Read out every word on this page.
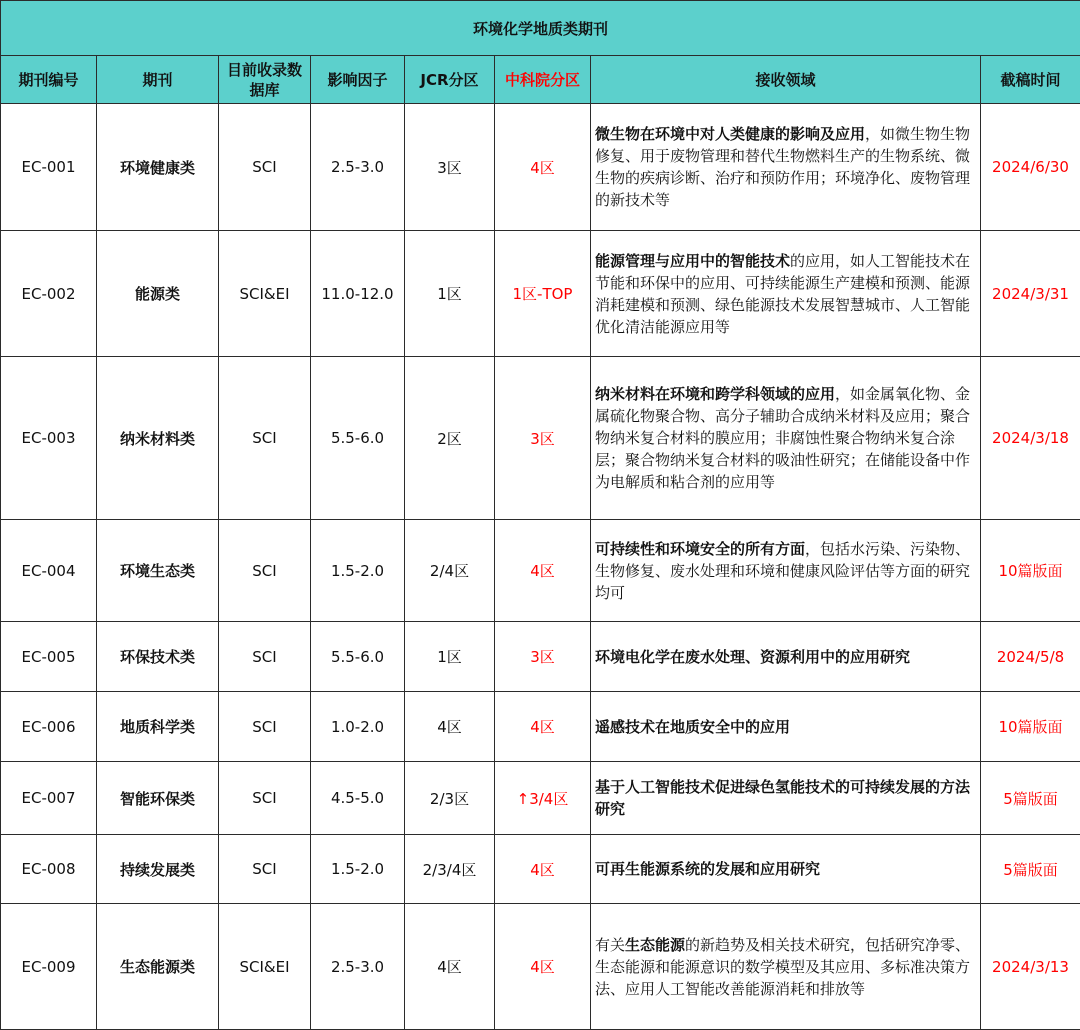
环境化学地质类期刊							
期刊编号	期刊	目前收录数据库	影响因子	JCR分区	中科院分区	接收领域	截稿时间
EC-001	环境健康类	SCI	2.5-3.0	3区	4区	微生物在环境中对人类健康的影响及应用，如微生物生物修复、用于废物管理和替代生物燃料生产的生物系统、微生物的疾病诊断、治疗和预防作用；环境净化、废物管理的新技术等	2024/6/30
EC-002	能源类	SCI&EI	11.0-12.0	1区	1区-TOP	能源管理与应用中的智能技术的应用，如人工智能技术在节能和环保中的应用、可持续能源生产建模和预测、能源消耗建模和预测、绿色能源技术发展智慧城市、人工智能优化清洁能源应用等	2024/3/31
EC-003	纳米材料类	SCI	5.5-6.0	2区	3区	纳米材料在环境和跨学科领域的应用，如金属氧化物、金属硫化物聚合物、高分子辅助合成纳米材料及应用；聚合物纳米复合材料的膜应用；非腐蚀性聚合物纳米复合涂层；聚合物纳米复合材料的吸油性研究；在储能设备中作为电解质和粘合剂的应用等	2024/3/18
EC-004	环境生态类	SCI	1.5-2.0	2/4区	4区	可持续性和环境安全的所有方面，包括水污染、污染物、生物修复、废水处理和环境和健康风险评估等方面的研究均可	10篇版面
EC-005	环保技术类	SCI	5.5-6.0	1区	3区	环境电化学在废水处理、资源利用中的应用研究	2024/5/8
EC-006	地质科学类	SCI	1.0-2.0	4区	4区	遥感技术在地质安全中的应用	10篇版面
EC-007	智能环保类	SCI	4.5-5.0	2/3区	↑3/4区	基于人工智能技术促进绿色氢能技术的可持续发展的方法研究	5篇版面
EC-008	持续发展类	SCI	1.5-2.0	2/3/4区	4区	可再生能源系统的发展和应用研究	5篇版面
EC-009	生态能源类	SCI&EI	2.5-3.0	4区	4区	有关生态能源的新趋势及相关技术研究，包括研究净零、生态能源和能源意识的数学模型及其应用、多标准决策方法、应用人工智能改善能源消耗和排放等	2024/3/13
